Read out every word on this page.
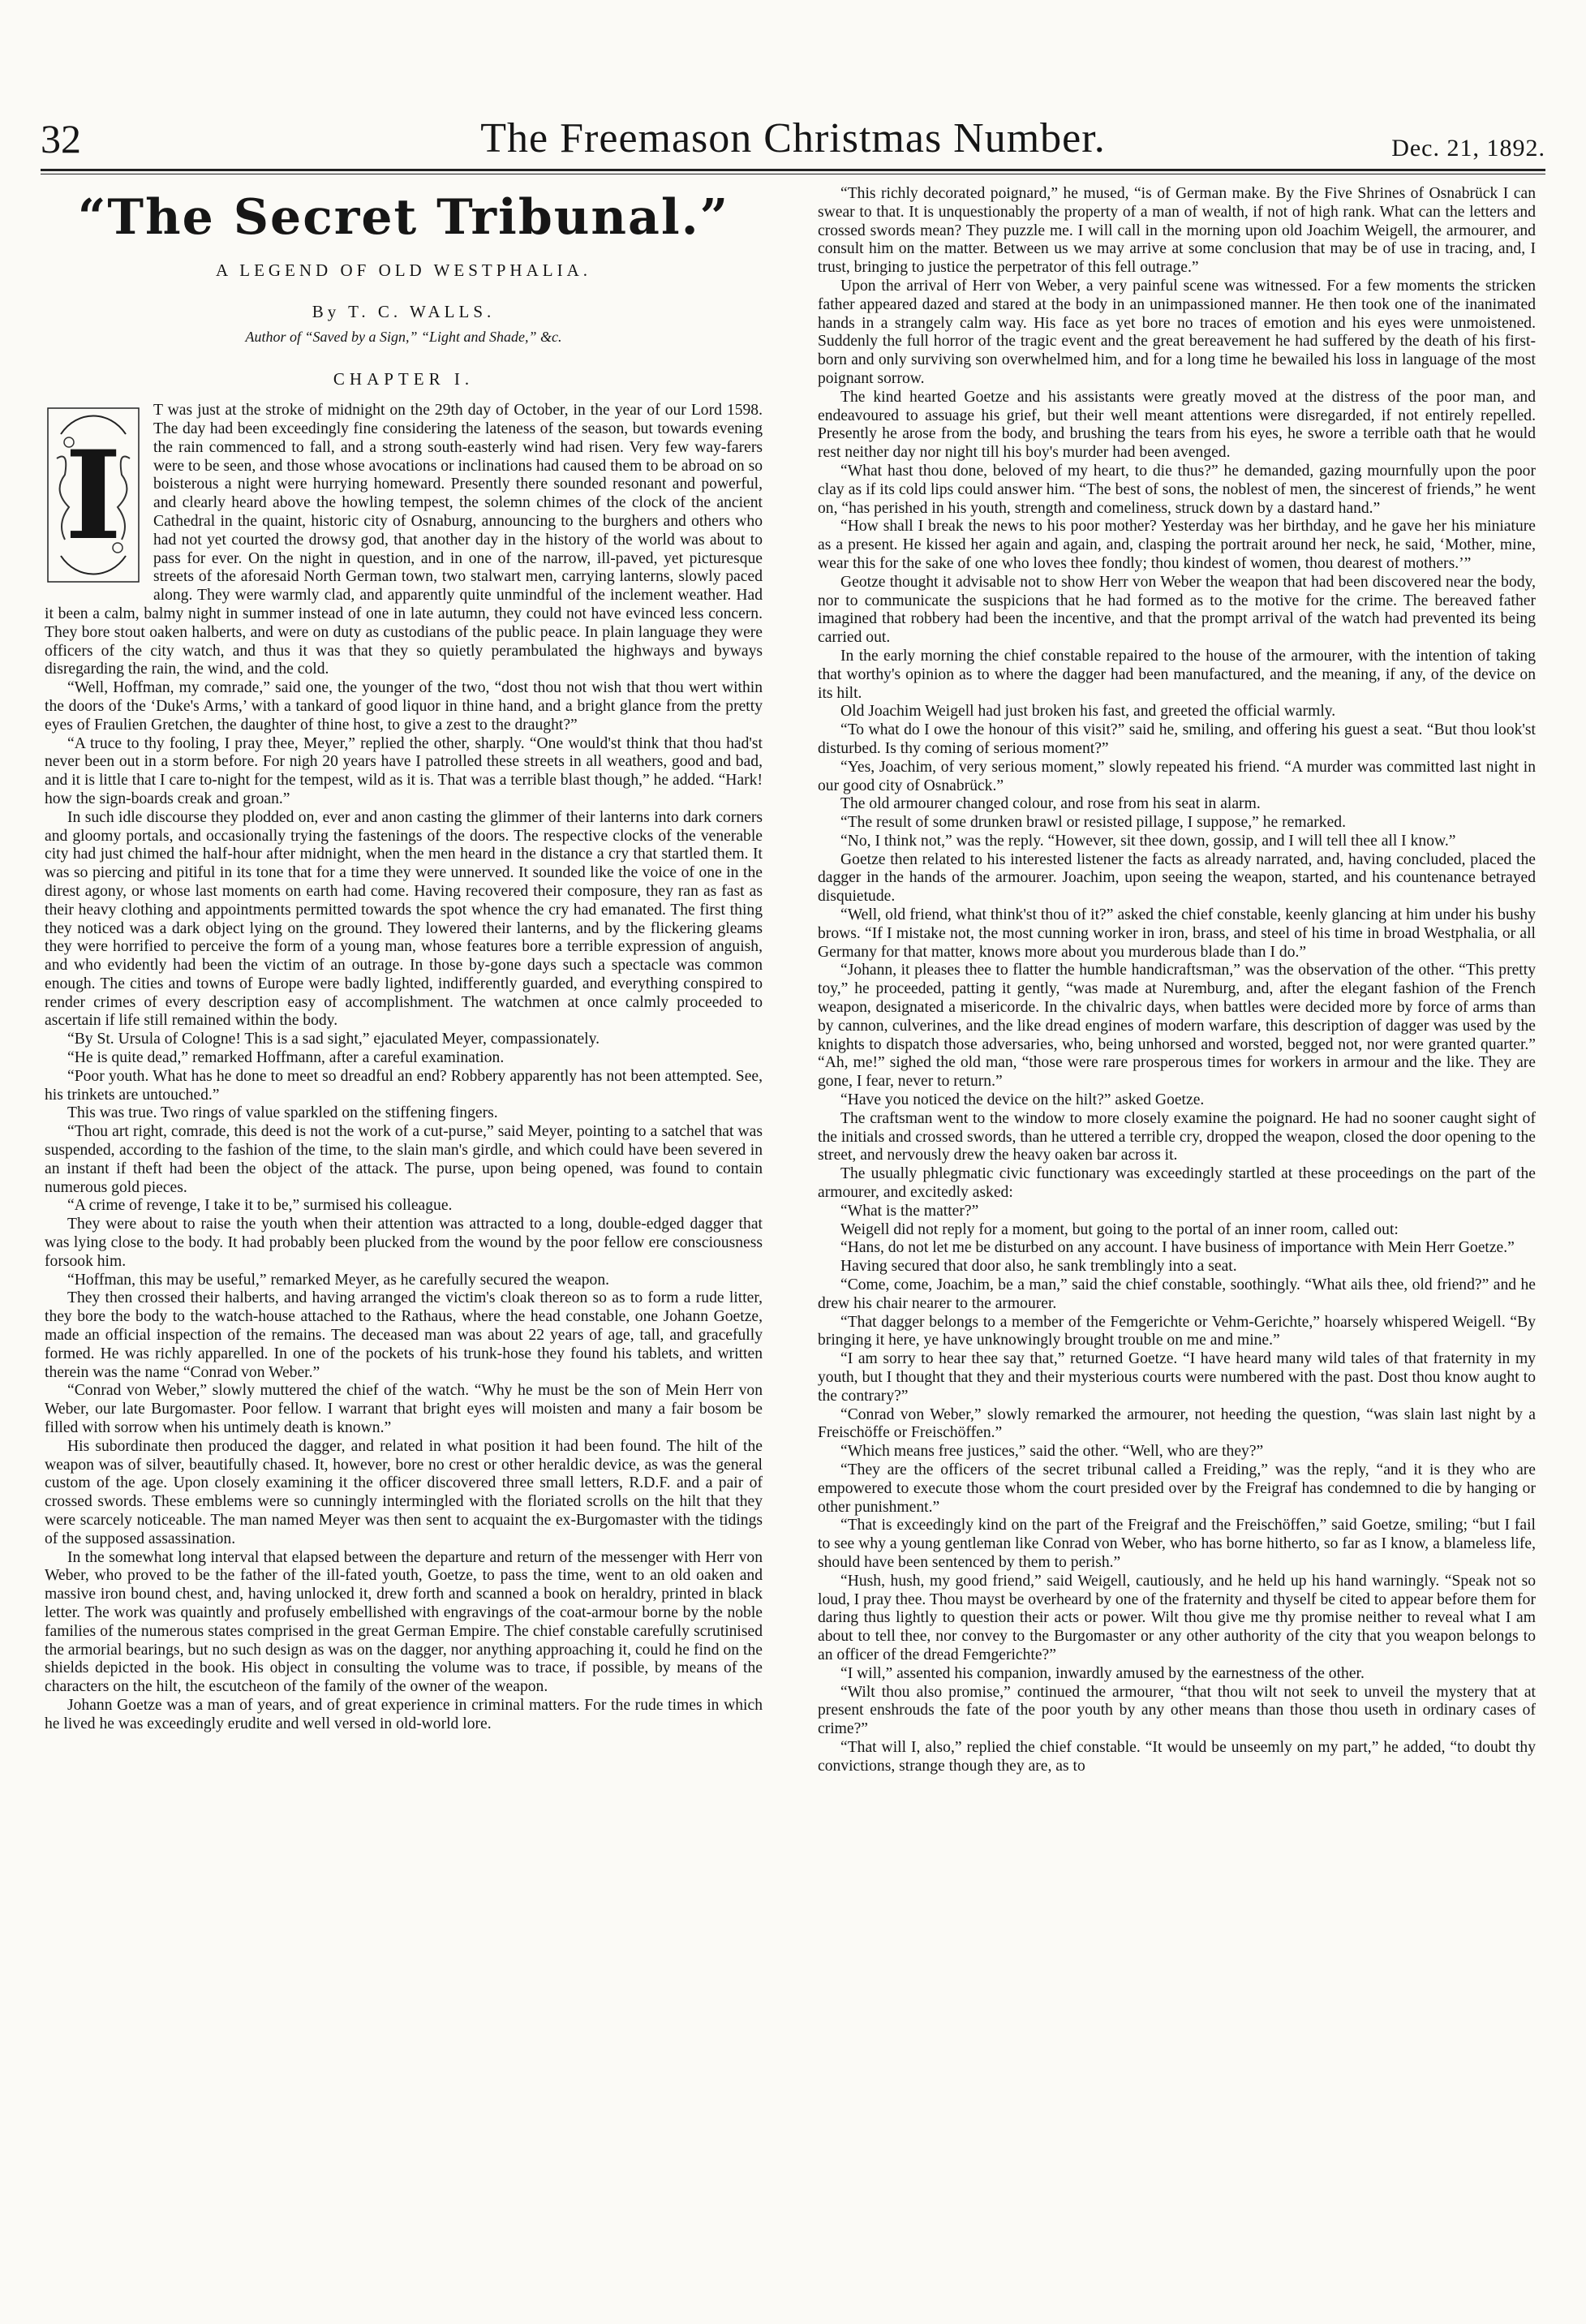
32	The Freemason Christmas Number.	Dec. 21, 1892.
“The Secret Tribunal.”
A LEGEND OF OLD WESTPHALIA.
By T. C. WALLS.
Author of “Saved by a Sign,” “Light and Shade,” &c.
CHAPTER I.
I

T was just at the stroke of midnight on the 29th day of October, in the year of our Lord 1598. The day had been exceedingly fine considering the lateness of the season, but towards evening the rain commenced to fall, and a strong south-easterly wind had risen. Very few way-farers were to be seen, and those whose avocations or inclinations had caused them to be abroad on so boisterous a night were hurrying homeward. Presently there sounded resonant and powerful, and clearly heard above the howling tempest, the solemn chimes of the clock of the ancient Cathedral in the quaint, historic city of Osnaburg, announcing to the burghers and others who had not yet courted the drowsy god, that another day in the history of the world was about to pass for ever. On the night in question, and in one of the narrow, ill-paved, yet picturesque streets of the aforesaid North German town, two stalwart men, carrying lanterns, slowly paced along. They were warmly clad, and apparently quite unmindful of the inclement weather. Had it been a calm, balmy night in summer instead of one in late autumn, they could not have evinced less concern. They bore stout oaken halberts, and were on duty as custodians of the public peace. In plain language they were officers of the city watch, and thus it was that they so quietly perambulated the highways and byways disregarding the rain, the wind, and the cold.

“Well, Hoffman, my comrade,” said one, the younger of the two, “dost thou not wish that thou wert within the doors of the ‘Duke's Arms,’ with a tankard of good liquor in thine hand, and a bright glance from the pretty eyes of Fraulien Gretchen, the daughter of thine host, to give a zest to the draught?”

“A truce to thy fooling, I pray thee, Meyer,” replied the other, sharply. “One would'st think that thou had'st never been out in a storm before. For nigh 20 years have I patrolled these streets in all weathers, good and bad, and it is little that I care to-night for the tempest, wild as it is. That was a terrible blast though,” he added. “Hark! how the sign-boards creak and groan.”

In such idle discourse they plodded on, ever and anon casting the glimmer of their lanterns into dark corners and gloomy portals, and occasionally trying the fastenings of the doors. The respective clocks of the venerable city had just chimed the half-hour after midnight, when the men heard in the distance a cry that startled them. It was so piercing and pitiful in its tone that for a time they were unnerved. It sounded like the voice of one in the direst agony, or whose last moments on earth had come. Having recovered their composure, they ran as fast as their heavy clothing and appointments permitted towards the spot whence the cry had emanated. The first thing they noticed was a dark object lying on the ground. They lowered their lanterns, and by the flickering gleams they were horrified to perceive the form of a young man, whose features bore a terrible expression of anguish, and who evidently had been the victim of an outrage. In those by-gone days such a spectacle was common enough. The cities and towns of Europe were badly lighted, indifferently guarded, and everything conspired to render crimes of every description easy of accomplishment. The watchmen at once calmly proceeded to ascertain if life still remained within the body.

“By St. Ursula of Cologne! This is a sad sight,” ejaculated Meyer, compassionately.

“He is quite dead,” remarked Hoffmann, after a careful examination.

“Poor youth. What has he done to meet so dreadful an end? Robbery apparently has not been attempted. See, his trinkets are untouched.”

This was true. Two rings of value sparkled on the stiffening fingers.

“Thou art right, comrade, this deed is not the work of a cut-purse,” said Meyer, pointing to a satchel that was suspended, according to the fashion of the time, to the slain man's girdle, and which could have been severed in an instant if theft had been the object of the attack. The purse, upon being opened, was found to contain numerous gold pieces.

“A crime of revenge, I take it to be,” surmised his colleague.

They were about to raise the youth when their attention was attracted to a long, double-edged dagger that was lying close to the body. It had probably been plucked from the wound by the poor fellow ere consciousness forsook him.

“Hoffman, this may be useful,” remarked Meyer, as he carefully secured the weapon.

They then crossed their halberts, and having arranged the victim's cloak thereon so as to form a rude litter, they bore the body to the watch-house attached to the Rathaus, where the head constable, one Johann Goetze, made an official inspection of the remains. The deceased man was about 22 years of age, tall, and gracefully formed. He was richly apparelled. In one of the pockets of his trunk-hose they found his tablets, and written therein was the name “Conrad von Weber.”

“Conrad von Weber,” slowly muttered the chief of the watch. “Why he must be the son of Mein Herr von Weber, our late Burgomaster. Poor fellow. I warrant that bright eyes will moisten and many a fair bosom be filled with sorrow when his untimely death is known.”

His subordinate then produced the dagger, and related in what position it had been found. The hilt of the weapon was of silver, beautifully chased. It, however, bore no crest or other heraldic device, as was the general custom of the age. Upon closely examining it the officer discovered three small letters, R.D.F. and a pair of crossed swords. These emblems were so cunningly intermingled with the floriated scrolls on the hilt that they were scarcely noticeable. The man named Meyer was then sent to acquaint the ex-Burgomaster with the tidings of the supposed assassination.

In the somewhat long interval that elapsed between the departure and return of the messenger with Herr von Weber, who proved to be the father of the ill-fated youth, Goetze, to pass the time, went to an old oaken and massive iron bound chest, and, having unlocked it, drew forth and scanned a book on heraldry, printed in black letter. The work was quaintly and profusely embellished with engravings of the coat-armour borne by the noble families of the numerous states comprised in the great German Empire. The chief constable carefully scrutinised the armorial bearings, but no such design as was on the dagger, nor anything approaching it, could he find on the shields depicted in the book. His object in consulting the volume was to trace, if possible, by means of the characters on the hilt, the escutcheon of the family of the owner of the weapon.

Johann Goetze was a man of years, and of great experience in criminal matters. For the rude times in which he lived he was exceedingly erudite and well versed in old-world lore.

“This richly decorated poignard,” he mused, “is of German make. By the Five Shrines of Osnabrück I can swear to that. It is unquestionably the property of a man of wealth, if not of high rank. What can the letters and crossed swords mean? They puzzle me. I will call in the morning upon old Joachim Weigell, the armourer, and consult him on the matter. Between us we may arrive at some conclusion that may be of use in tracing, and, I trust, bringing to justice the perpetrator of this fell outrage.”

Upon the arrival of Herr von Weber, a very painful scene was witnessed. For a few moments the stricken father appeared dazed and stared at the body in an unimpassioned manner. He then took one of the inanimated hands in a strangely calm way. His face as yet bore no traces of emotion and his eyes were unmoistened. Suddenly the full horror of the tragic event and the great bereavement he had suffered by the death of his first-born and only surviving son overwhelmed him, and for a long time he bewailed his loss in language of the most poignant sorrow.

The kind hearted Goetze and his assistants were greatly moved at the distress of the poor man, and endeavoured to assuage his grief, but their well meant attentions were disregarded, if not entirely repelled. Presently he arose from the body, and brushing the tears from his eyes, he swore a terrible oath that he would rest neither day nor night till his boy's murder had been avenged.

“What hast thou done, beloved of my heart, to die thus?” he demanded, gazing mournfully upon the poor clay as if its cold lips could answer him. “The best of sons, the noblest of men, the sincerest of friends,” he went on, “has perished in his youth, strength and comeliness, struck down by a dastard hand.”

“How shall I break the news to his poor mother? Yesterday was her birthday, and he gave her his miniature as a present. He kissed her again and again, and, clasping the portrait around her neck, he said, ‘Mother, mine, wear this for the sake of one who loves thee fondly; thou kindest of women, thou dearest of mothers.’”

Geotze thought it advisable not to show Herr von Weber the weapon that had been discovered near the body, nor to communicate the suspicions that he had formed as to the motive for the crime. The bereaved father imagined that robbery had been the incentive, and that the prompt arrival of the watch had prevented its being carried out.

In the early morning the chief constable repaired to the house of the armourer, with the intention of taking that worthy's opinion as to where the dagger had been manufactured, and the meaning, if any, of the device on its hilt.

Old Joachim Weigell had just broken his fast, and greeted the official warmly.

“To what do I owe the honour of this visit?” said he, smiling, and offering his guest a seat. “But thou look'st disturbed. Is thy coming of serious moment?”

“Yes, Joachim, of very serious moment,” slowly repeated his friend. “A murder was committed last night in our good city of Osnabrück.”

The old armourer changed colour, and rose from his seat in alarm.

“The result of some drunken brawl or resisted pillage, I suppose,” he remarked.

“No, I think not,” was the reply. “However, sit thee down, gossip, and I will tell thee all I know.”

Goetze then related to his interested listener the facts as already narrated, and, having concluded, placed the dagger in the hands of the armourer. Joachim, upon seeing the weapon, started, and his countenance betrayed disquietude.

“Well, old friend, what think'st thou of it?” asked the chief constable, keenly glancing at him under his bushy brows. “If I mistake not, the most cunning worker in iron, brass, and steel of his time in broad Westphalia, or all Germany for that matter, knows more about you murderous blade than I do.”

“Johann, it pleases thee to flatter the humble handicraftsman,” was the observation of the other. “This pretty toy,” he proceeded, patting it gently, “was made at Nuremburg, and, after the elegant fashion of the French weapon, designated a misericorde. In the chivalric days, when battles were decided more by force of arms than by cannon, culverines, and the like dread engines of modern warfare, this description of dagger was used by the knights to dispatch those adversaries, who, being unhorsed and worsted, begged not, nor were granted quarter.” “Ah, me!” sighed the old man, “those were rare prosperous times for workers in armour and the like. They are gone, I fear, never to return.”

“Have you noticed the device on the hilt?” asked Goetze.

The craftsman went to the window to more closely examine the poignard. He had no sooner caught sight of the initials and crossed swords, than he uttered a terrible cry, dropped the weapon, closed the door opening to the street, and nervously drew the heavy oaken bar across it.

The usually phlegmatic civic functionary was exceedingly startled at these proceedings on the part of the armourer, and excitedly asked:

“What is the matter?”

Weigell did not reply for a moment, but going to the portal of an inner room, called out:

“Hans, do not let me be disturbed on any account. I have business of importance with Mein Herr Goetze.”

Having secured that door also, he sank tremblingly into a seat.

“Come, come, Joachim, be a man,” said the chief constable, soothingly. “What ails thee, old friend?” and he drew his chair nearer to the armourer.

“That dagger belongs to a member of the Femgerichte or Vehm-Gerichte,” hoarsely whispered Weigell. “By bringing it here, ye have unknowingly brought trouble on me and mine.”

“I am sorry to hear thee say that,” returned Goetze. “I have heard many wild tales of that fraternity in my youth, but I thought that they and their mysterious courts were numbered with the past. Dost thou know aught to the contrary?”

“Conrad von Weber,” slowly remarked the armourer, not heeding the question, “was slain last night by a Freischöffe or Freischöffen.”

“Which means free justices,” said the other. “Well, who are they?”

“They are the officers of the secret tribunal called a Freiding,” was the reply, “and it is they who are empowered to execute those whom the court presided over by the Freigraf has condemned to die by hanging or other punishment.”

“That is exceedingly kind on the part of the Freigraf and the Freischöffen,” said Goetze, smiling; “but I fail to see why a young gentleman like Conrad von Weber, who has borne hitherto, so far as I know, a blameless life, should have been sentenced by them to perish.”

“Hush, hush, my good friend,” said Weigell, cautiously, and he held up his hand warningly. “Speak not so loud, I pray thee. Thou mayst be overheard by one of the fraternity and thyself be cited to appear before them for daring thus lightly to question their acts or power. Wilt thou give me thy promise neither to reveal what I am about to tell thee, nor convey to the Burgomaster or any other authority of the city that you weapon belongs to an officer of the dread Femgerichte?”

“I will,” assented his companion, inwardly amused by the earnestness of the other.

“Wilt thou also promise,” continued the armourer, “that thou wilt not seek to unveil the mystery that at present enshrouds the fate of the poor youth by any other means than those thou useth in ordinary cases of crime?”

“That will I, also,” replied the chief constable. “It would be unseemly on my part,” he added, “to doubt thy convictions, strange though they are, as to
